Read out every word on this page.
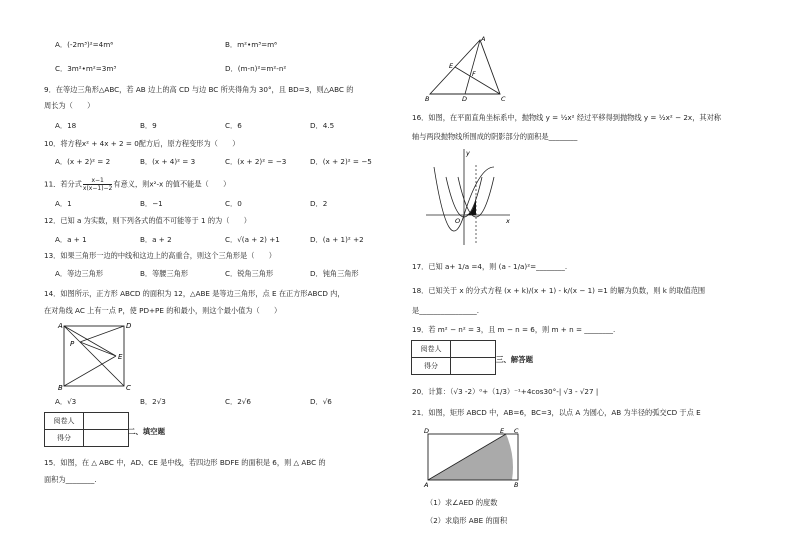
A．(-2m³)²=4m⁶	B．m²•m³=m⁶
C．3m²•m²=3m³	D．(m-n)²=m²-n²
9．在等边三角形△ABC，若 AB 边上的高 CD 与边 BC 所夹得角为 30°，且 BD=3，则△ABC 的
周长为（　　）
A．18	B．9	C．6	D．4.5
10．将方程x² + 4x + 2 = 0配方后，原方程变形为（　　）
A．(x + 2)² = 2	B．(x + 4)² = 3	C．(x + 2)² = −3	D．(x + 2)² = −5
11．若分式 $\frac{x-1}{x(x-1)-2}$ 有意义，则x²-x 的值不能是（　　）
A．1	B．−1	C．0	D．2
12．已知 a 为实数，则下列各式的值不可能等于 1 的为（　　）
A．a + 1	B．a + 2	C．√(a + 2) +1	D．(a + 1)² +2
13．如果三角形一边的中线和这边上的高重合，则这个三角形是（　　）
A．等边三角形	B．等腰三角形	C．锐角三角形	D．钝角三角形
14．如图所示，正方形 ABCD 的面积为 12，△ABE 是等边三角形，点 E 在正方形ABCD 内，
在对角线 AC 上有一点 P，使 PD+PE 的和最小，则这个最小值为（　　）
A	D
P
E
B	C
A．√3	B．2√3	C．2√6	D．√6
阅卷人	
得分	
二、填空题
15．如图，在 △ ABC 中，AD、CE 是中线，若四边形 BDFE 的面积是 6，则 △ ABC 的
面积为________.
A
E
F
B	D	C
16．如图，在平面直角坐标系中，抛物线 y = ½x² 经过平移得到抛物线 y = ½x² − 2x，其对称
轴与两段抛物线所围成的阴影部分的面积是________
y
O	x
17．已知 a+ 1/a =4，则 (a - 1/a)²=________.
18．已知关于 x 的分式方程 (x + k)/(x + 1) - k/(x − 1) =1 的解为负数，则 k 的取值范围
是________________.
19．若 m² − n² = 3，且 m − n = 6，则 m + n = ________.
阅卷人	
得分	
三、解答题
20．计算：（√3 -2）⁰+（1/3）⁻¹+4cos30°-| √3 - √27 |
21．如图，矩形 ABCD 中，AB=6，BC=3，以点 A 为圆心，AB 为半径的弧交CD 于点 E
D	E C
A	B
（1）求∠AED 的度数
（2）求扇形 ABE 的面积
